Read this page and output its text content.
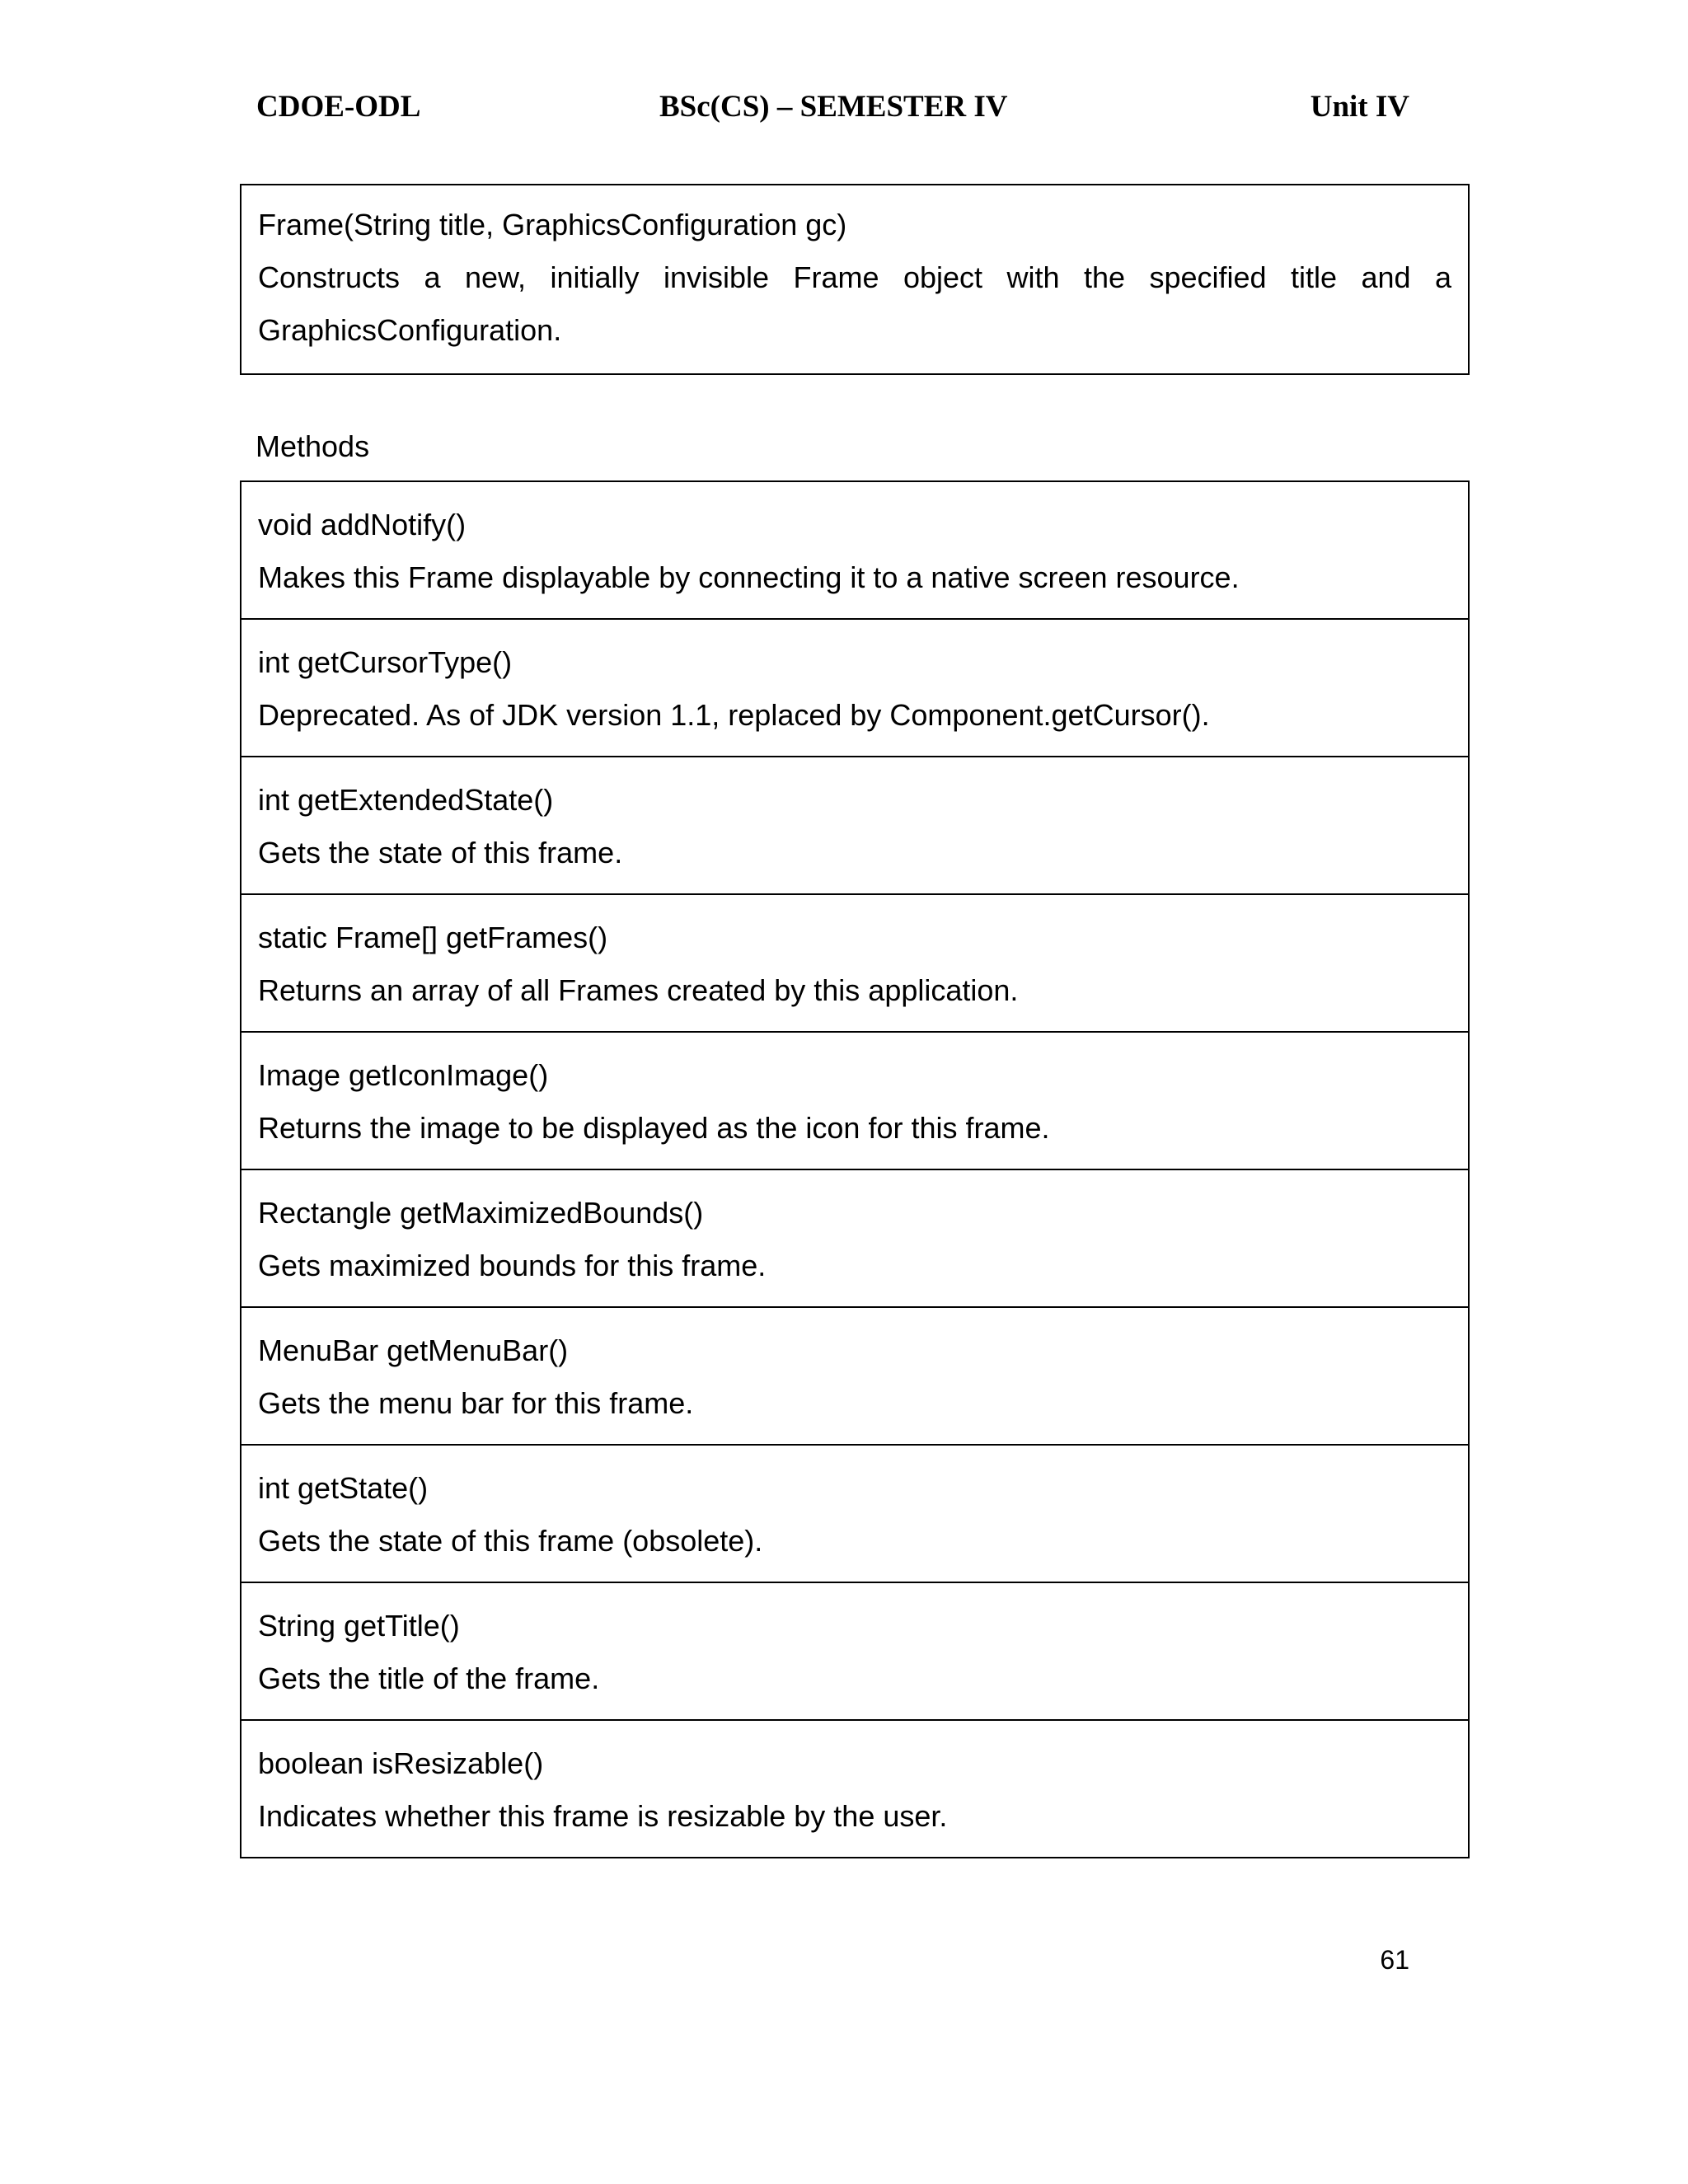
CDOE-ODL	BSc(CS) – SEMESTER IV	Unit IV
Frame(String title, GraphicsConfiguration gc)
Constructs a new, initially invisible Frame object with the specified title and a GraphicsConfiguration.
Methods
void addNotify()
Makes this Frame displayable by connecting it to a native screen resource.
int getCursorType()
Deprecated. As of JDK version 1.1, replaced by Component.getCursor().
int getExtendedState()
Gets the state of this frame.
static Frame[] getFrames()
Returns an array of all Frames created by this application.
Image getIconImage()
Returns the image to be displayed as the icon for this frame.
Rectangle getMaximizedBounds()
Gets maximized bounds for this frame.
MenuBar getMenuBar()
Gets the menu bar for this frame.
int getState()
Gets the state of this frame (obsolete).
String getTitle()
Gets the title of the frame.
boolean isResizable()
Indicates whether this frame is resizable by the user.
61
